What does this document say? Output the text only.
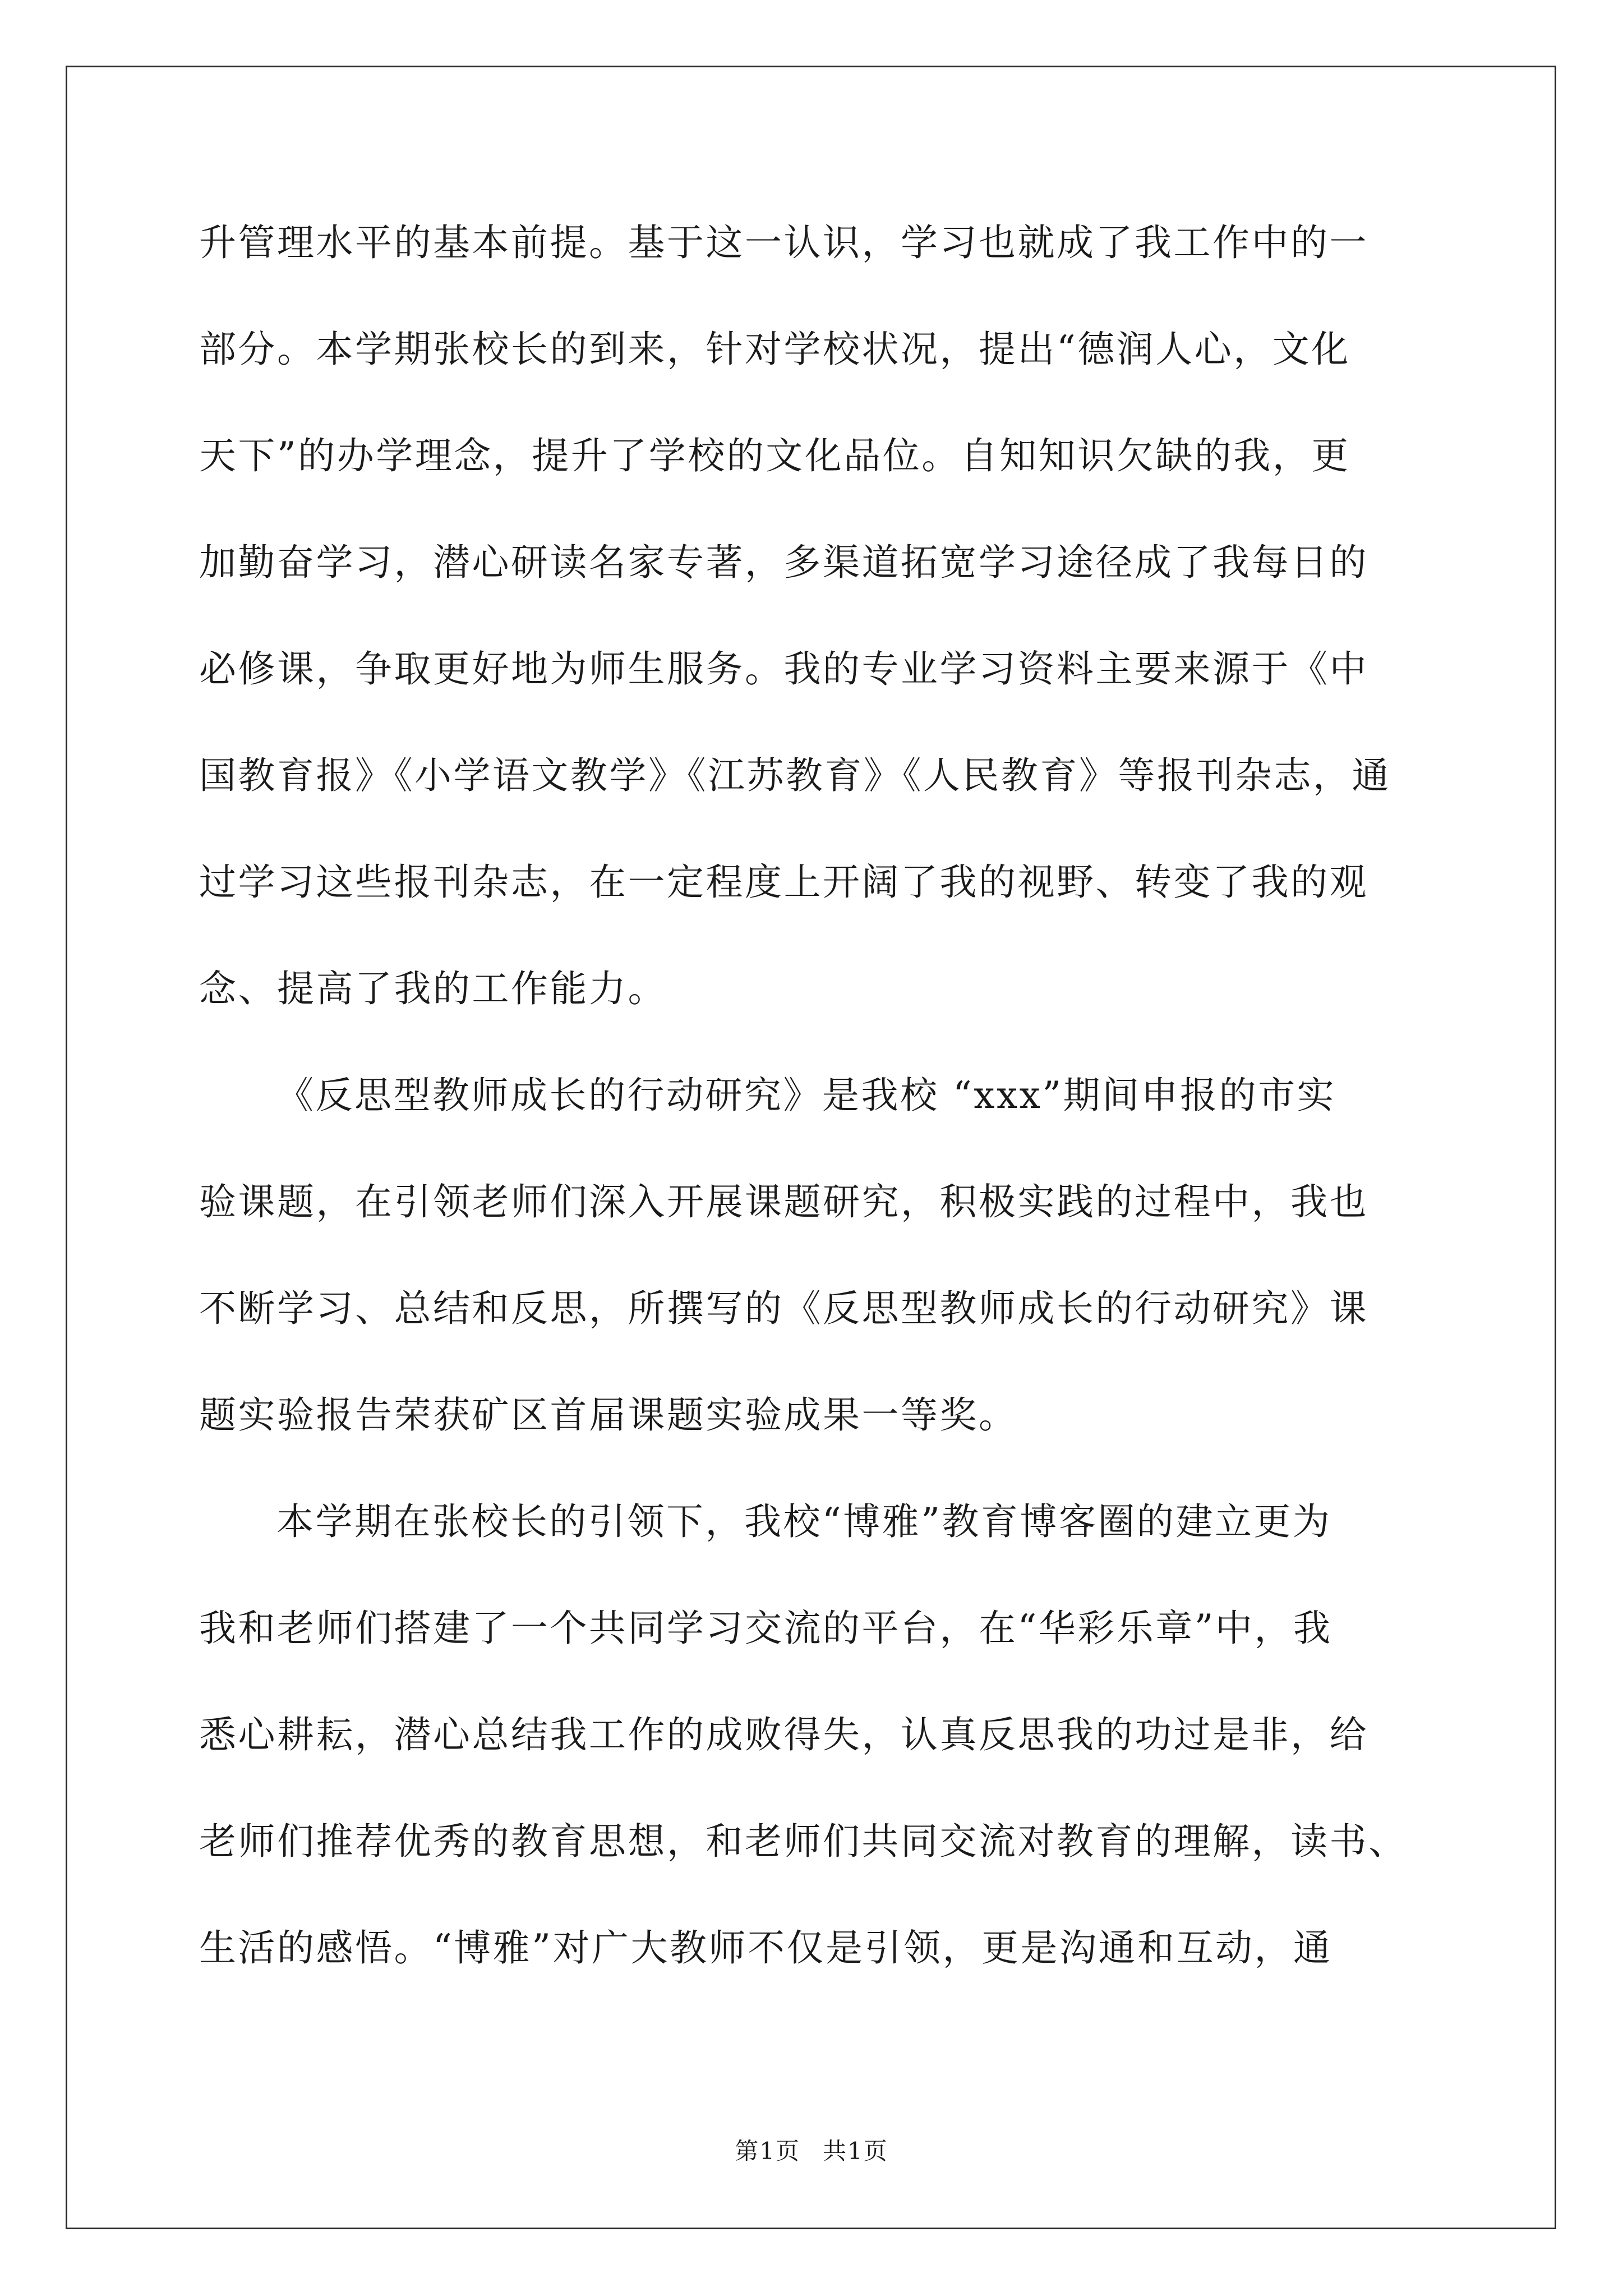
升管理水平的基本前提。基于这一认识，学习也就成了我工作中的一
部分。本学期张校长的到来，针对学校状况，提出“德润人心，文化
天下”的办学理念，提升了学校的文化品位。自知知识欠缺的我，更
加勤奋学习，潜心研读名家专著，多渠道拓宽学习途径成了我每日的
必修课，争取更好地为师生服务。我的专业学习资料主要来源于《中
国教育报》《小学语文教学》《江苏教育》《人民教育》等报刊杂志，通
过学习这些报刊杂志，在一定程度上开阔了我的视野、转变了我的观
念、提高了我的工作能力。
《反思型教师成长的行动研究》是我校 “xxx”期间申报的市实
验课题，在引领老师们深入开展课题研究，积极实践的过程中，我也
不断学习、总结和反思，所撰写的《反思型教师成长的行动研究》课
题实验报告荣获矿区首届课题实验成果一等奖。
本学期在张校长的引领下，我校“博雅”教育博客圈的建立更为
我和老师们搭建了一个共同学习交流的平台，在“华彩乐章”中，我
悉心耕耘，潜心总结我工作的成败得失，认真反思我的功过是非，给
老师们推荐优秀的教育思想，和老师们共同交流对教育的理解，读书、
生活的感悟。“博雅”对广大教师不仅是引领，更是沟通和互动，通
第1页 共1页
